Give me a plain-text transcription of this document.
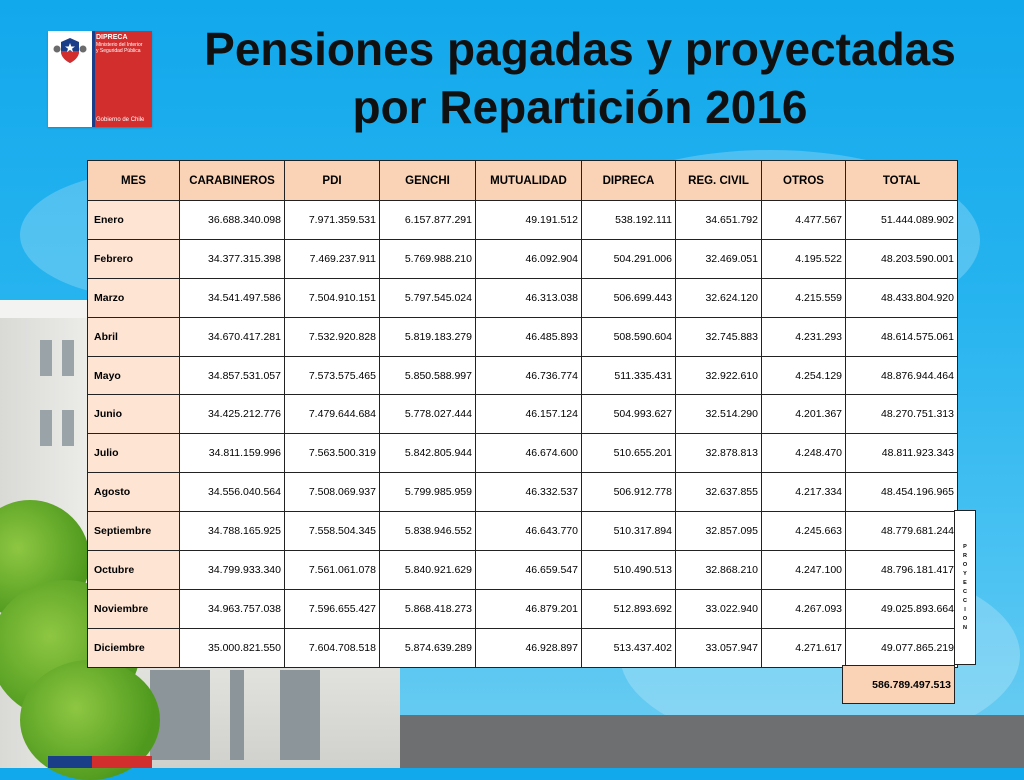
DIPRECA
Ministerio del Interior
y Seguridad Pública
Gobierno de Chile
Pensiones pagadas y proyectadas
por Repartición 2016
MES	CARABINEROS	PDI	GENCHI	MUTUALIDAD	DIPRECA	REG. CIVIL	OTROS	TOTAL
Enero	36.688.340.098	7.971.359.531	6.157.877.291	49.191.512	538.192.111	34.651.792	4.477.567	51.444.089.902
Febrero	34.377.315.398	7.469.237.911	5.769.988.210	46.092.904	504.291.006	32.469.051	4.195.522	48.203.590.001
Marzo	34.541.497.586	7.504.910.151	5.797.545.024	46.313.038	506.699.443	32.624.120	4.215.559	48.433.804.920
Abril	34.670.417.281	7.532.920.828	5.819.183.279	46.485.893	508.590.604	32.745.883	4.231.293	48.614.575.061
Mayo	34.857.531.057	7.573.575.465	5.850.588.997	46.736.774	511.335.431	32.922.610	4.254.129	48.876.944.464
Junio	34.425.212.776	7.479.644.684	5.778.027.444	46.157.124	504.993.627	32.514.290	4.201.367	48.270.751.313
Julio	34.811.159.996	7.563.500.319	5.842.805.944	46.674.600	510.655.201	32.878.813	4.248.470	48.811.923.343
Agosto	34.556.040.564	7.508.069.937	5.799.985.959	46.332.537	506.912.778	32.637.855	4.217.334	48.454.196.965
Septiembre	34.788.165.925	7.558.504.345	5.838.946.552	46.643.770	510.317.894	32.857.095	4.245.663	48.779.681.244
Octubre	34.799.933.340	7.561.061.078	5.840.921.629	46.659.547	510.490.513	32.868.210	4.247.100	48.796.181.417
Noviembre	34.963.757.038	7.596.655.427	5.868.418.273	46.879.201	512.893.692	33.022.940	4.267.093	49.025.893.664
Diciembre	35.000.821.550	7.604.708.518	5.874.639.289	46.928.897	513.437.402	33.057.947	4.271.617	49.077.865.219
P
R
O
Y
E
C
C
I
O
N
586.789.497.513
